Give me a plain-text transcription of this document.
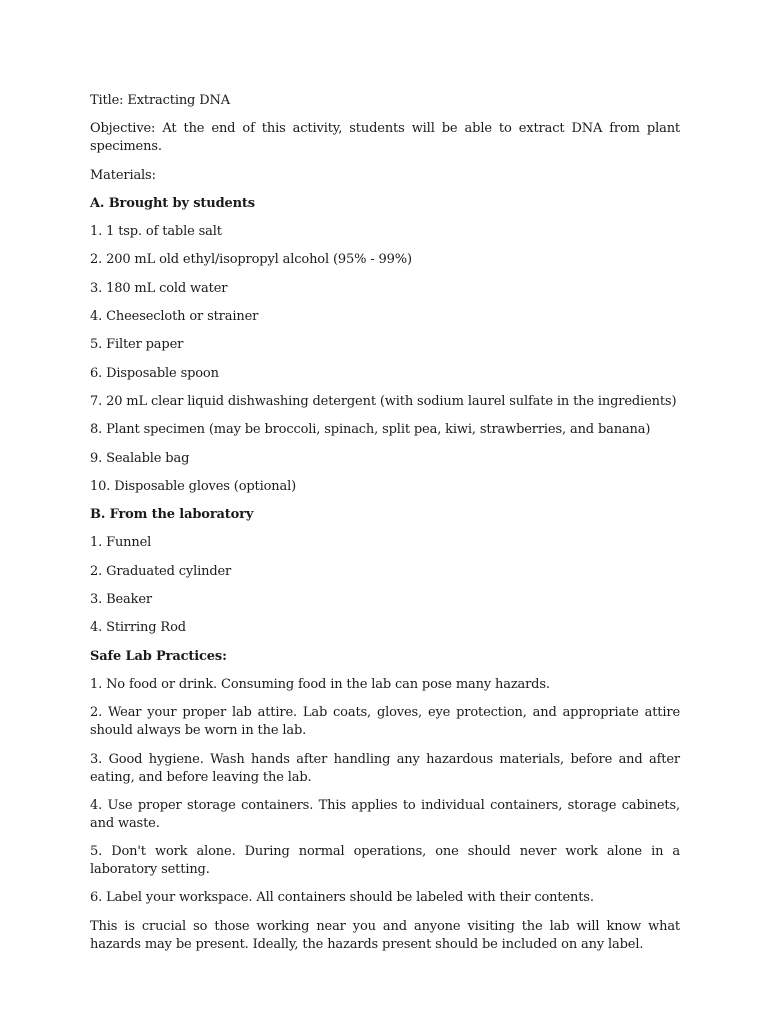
Title: Extracting DNA

Objective: At the end of this activity, students will be able to extract DNA from plant specimens.

Materials:

A. Brought by students

1. 1 tsp. of table salt

2. 200 mL old ethyl/isopropyl alcohol (95% - 99%)

3. 180 mL cold water

4. Cheesecloth or strainer

5. Filter paper

6. Disposable spoon

7. 20 mL clear liquid dishwashing detergent (with sodium laurel sulfate in the ingredients)

8. Plant specimen (may be broccoli, spinach, split pea, kiwi, strawberries, and banana)

9. Sealable bag

10. Disposable gloves (optional)

B. From the laboratory

1. Funnel

2. Graduated cylinder

3. Beaker

4. Stirring Rod

Safe Lab Practices:

1. No food or drink. Consuming food in the lab can pose many hazards.

2. Wear your proper lab attire. Lab coats, gloves, eye protection, and appropriate attire should always be worn in the lab.

3. Good hygiene. Wash hands after handling any hazardous materials, before and after eating, and before leaving the lab.

4. Use proper storage containers. This applies to individual containers, storage cabinets, and waste.

5. Don't work alone. During normal operations, one should never work alone in a laboratory setting.

6. Label your workspace. All containers should be labeled with their contents.

This is crucial so those working near you and anyone visiting the lab will know what hazards may be present. Ideally, the hazards present should be included on any label.
